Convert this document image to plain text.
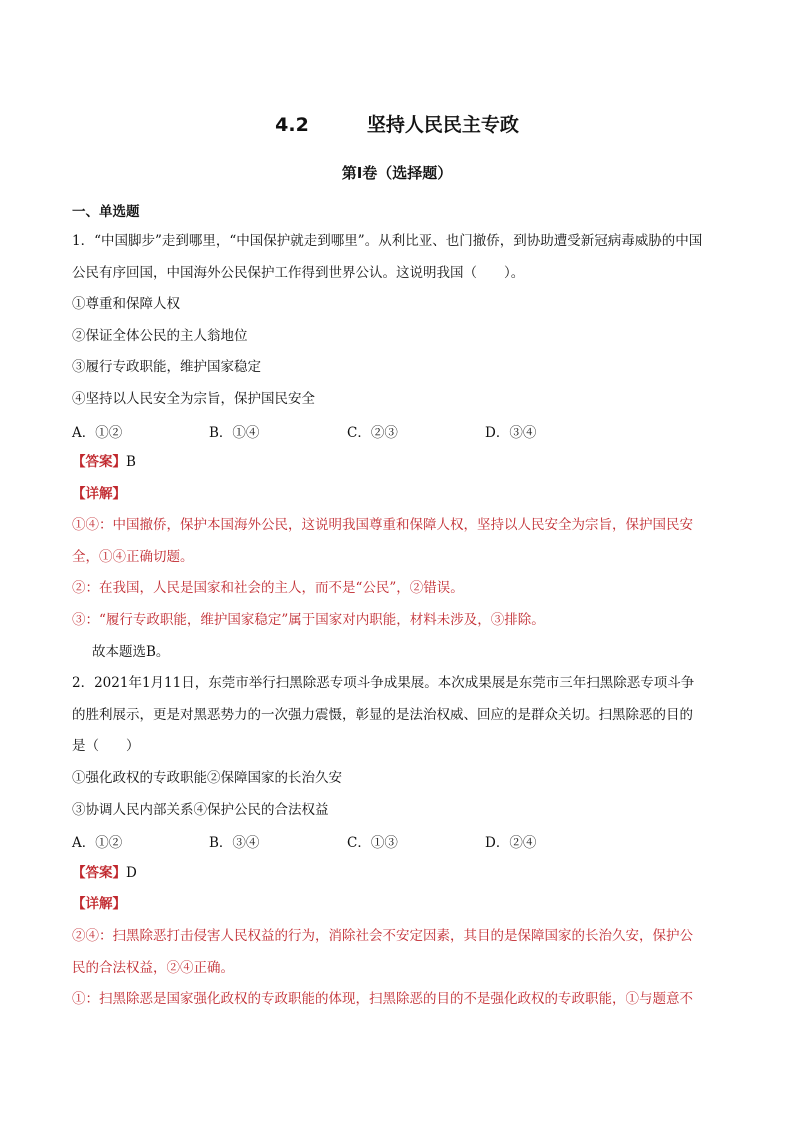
4.2	坚持人民民主专政
第Ⅰ卷（选择题）
一、单选题
1．“中国脚步”走到哪里，“中国保护就走到哪里”。从利比亚、也门撤侨，到协助遭受新冠病毒威胁的中国
公民有序回国，中国海外公民保护工作得到世界公认。这说明我国（　　）。
①尊重和保障人权
②保证全体公民的主人翁地位
③履行专政职能，维护国家稳定
④坚持以人民安全为宗旨，保护国民安全
A．①②	B．①④	C．②③	D．③④
【答案】B
【详解】
①④：中国撤侨，保护本国海外公民，这说明我国尊重和保障人权，坚持以人民安全为宗旨，保护国民安
全，①④正确切题。
②：在我国，人民是国家和社会的主人，而不是“公民”，②错误。
③：“履行专政职能，维护国家稳定”属于国家对内职能，材料未涉及，③排除。
故本题选B。
2．2021年1月11日，东莞市举行扫黑除恶专项斗争成果展。本次成果展是东莞市三年扫黑除恶专项斗争
的胜利展示，更是对黑恶势力的一次强力震慑，彰显的是法治权威、回应的是群众关切。扫黑除恶的目的
是（　　）
①强化政权的专政职能②保障国家的长治久安
③协调人民内部关系④保护公民的合法权益
A．①②	B．③④	C．①③	D．②④
【答案】D
【详解】
②④：扫黑除恶打击侵害人民权益的行为，消除社会不安定因素，其目的是保障国家的长治久安，保护公
民的合法权益，②④正确。
①：扫黑除恶是国家强化政权的专政职能的体现，扫黑除恶的目的不是强化政权的专政职能，①与题意不
